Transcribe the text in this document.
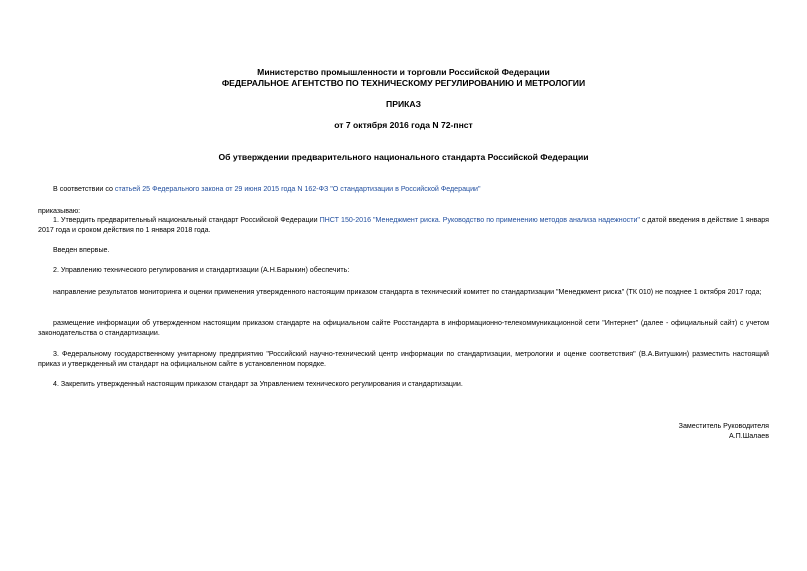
Министерство промышленности и торговли Российской Федерации
ФЕДЕРАЛЬНОЕ АГЕНТСТВО ПО ТЕХНИЧЕСКОМУ РЕГУЛИРОВАНИЮ И МЕТРОЛОГИИ
ПРИКАЗ
от 7 октября 2016 года N 72-пнст
Об утверждении предварительного национального стандарта Российской Федерации
В соответствии со статьей 25 Федерального закона от 29 июня 2015 года N 162-ФЗ "О стандартизации в Российской Федерации"
приказываю:
1. Утвердить предварительный национальный стандарт Российской Федерации ПНСТ 150-2016 "Менеджмент риска. Руководство по применению методов анализа надежности" с датой введения в действие 1 января 2017 года и сроком действия по 1 января 2018 года.
Введен впервые.
2. Управлению технического регулирования и стандартизации (А.Н.Барыкин) обеспечить:
направление результатов мониторинга и оценки применения утвержденного настоящим приказом стандарта в технический комитет по стандартизации "Менеджмент риска" (ТК 010) не позднее 1 октября 2017 года;
размещение информации об утвержденном настоящим приказом стандарте на официальном сайте Росстандарта в информационно-телекоммуникационной сети "Интернет" (далее - официальный сайт) с учетом законодательства о стандартизации.
3. Федеральному государственному унитарному предприятию "Российский научно-технический центр информации по стандартизации, метрологии и оценке соответствия" (В.А.Витушкин) разместить настоящий приказ и утвержденный им стандарт на официальном сайте в установленном порядке.
4. Закрепить утвержденный настоящим приказом стандарт за Управлением технического регулирования и стандартизации.
Заместитель Руководителя
А.П.Шалаев
